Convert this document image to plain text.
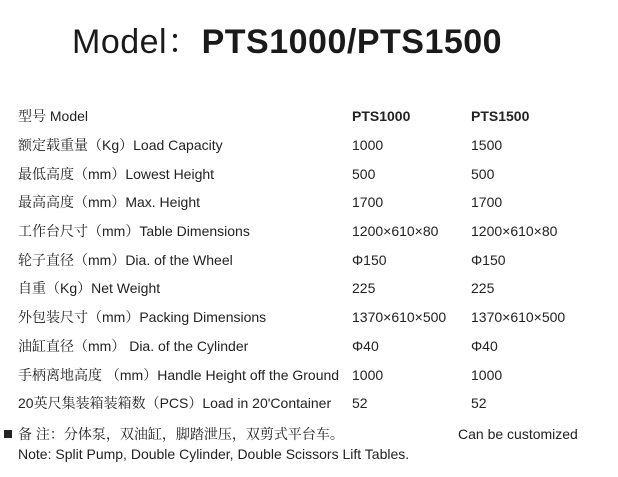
Model：PTS1000/PTS1500
型号 Model	PTS1000	PTS1500
额定载重量（Kg）Load Capacity	1000	1500
最低高度（mm）Lowest Height	500	500
最高高度（mm）Max. Height	1700	1700
工作台尺寸（mm）Table Dimensions	1200×610×80	1200×610×80
轮子直径（mm）Dia. of the Wheel	Φ150	Φ150
自重（Kg）Net Weight	225	225
外包装尺寸（mm）Packing Dimensions	1370×610×500	1370×610×500
油缸直径（mm） Dia. of the Cylinder	Φ40	Φ40
手柄离地高度 （mm）Handle Height off the Ground	1000	1000
20英尺集装箱装箱数（PCS）Load in 20'Container	52	52
备 注：分体泵，双油缸，脚踏泄压，双剪式平台车。	Can be customized
Note: Split Pump, Double Cylinder, Double Scissors Lift Tables.
